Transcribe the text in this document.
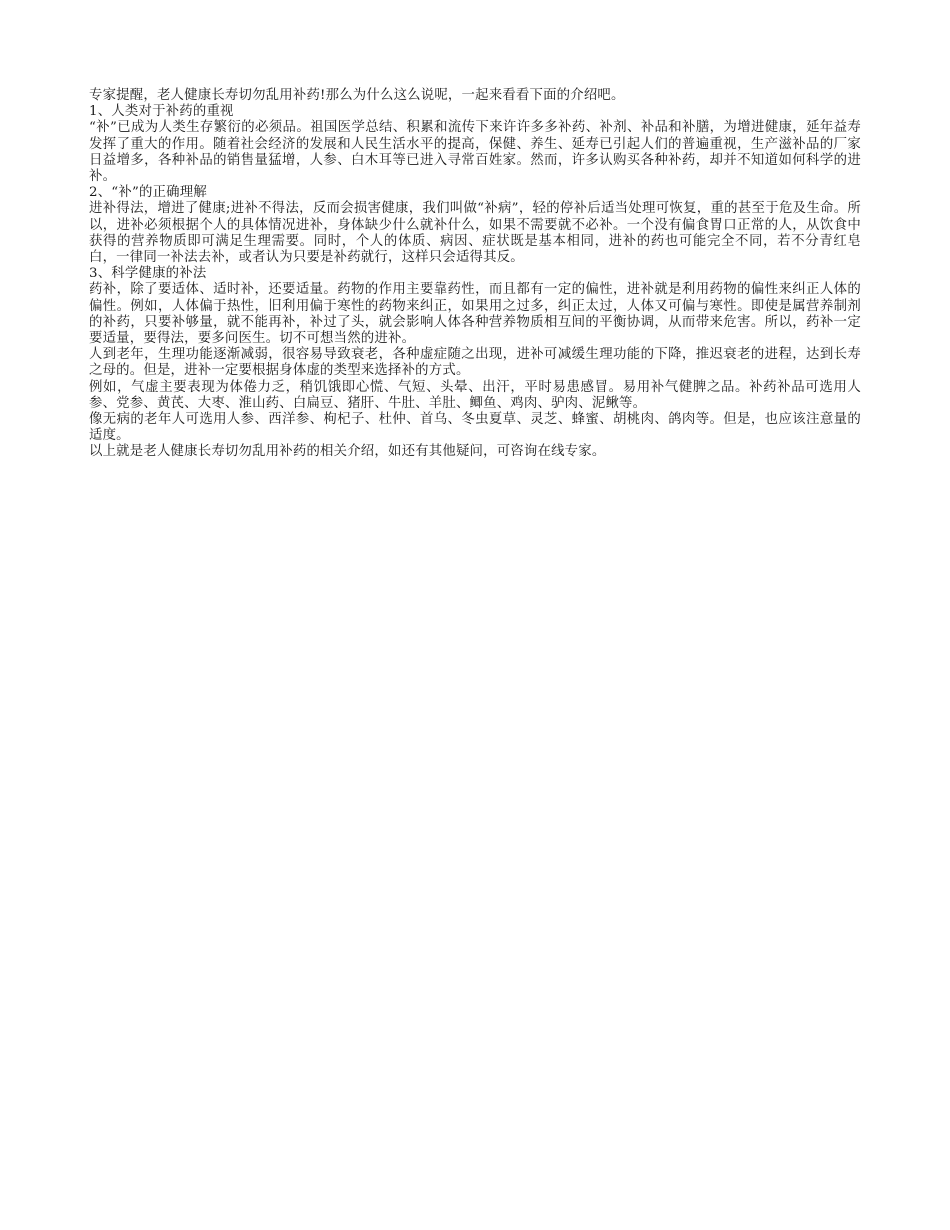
专家提醒，老人健康长寿切勿乱用补药!那么为什么这么说呢，一起来看看下面的介绍吧。

1、人类对于补药的重视

“补”已成为人类生存繁衍的必须品。祖国医学总结、积累和流传下来许许多多补药、补剂、补品和补膳，为增进健康，延年益寿发挥了重大的作用。随着社会经济的发展和人民生活水平的提高，保健、养生、延寿已引起人们的普遍重视，生产滋补品的厂家日益增多，各种补品的销售量猛增，人参、白木耳等已进入寻常百姓家。然而，许多认购买各种补药，却并不知道如何科学的进补。

2、“补”的正确理解

进补得法，增进了健康;进补不得法，反而会损害健康，我们叫做“补病”，轻的停补后适当处理可恢复，重的甚至于危及生命。所以，进补必须根据个人的具体情况进补，身体缺少什么就补什么，如果不需要就不必补。一个没有偏食胃口正常的人，从饮食中获得的营养物质即可满足生理需要。同时，个人的体质、病因、症状既是基本相同，进补的药也可能完全不同，若不分青红皂白，一律同一补法去补，或者认为只要是补药就行，这样只会适得其反。

3、科学健康的补法

药补，除了要适体、适时补，还要适量。药物的作用主要靠药性，而且都有一定的偏性，进补就是利用药物的偏性来纠正人体的偏性。例如，人体偏于热性，旧利用偏于寒性的药物来纠正，如果用之过多，纠正太过，人体又可偏与寒性。即使是属营养制剂的补药，只要补够量，就不能再补，补过了头，就会影响人体各种营养物质相互间的平衡协调，从而带来危害。所以，药补一定要适量，要得法，要多问医生。切不可想当然的进补。

人到老年，生理功能逐渐减弱，很容易导致衰老，各种虚症随之出现，进补可减缓生理功能的下降，推迟衰老的进程，达到长寿之母的。但是，进补一定要根据身体虚的类型来选择补的方式。

例如，气虚主要表现为体倦力乏，稍饥饿即心慌、气短、头晕、出汗，平时易患感冒。易用补气健脾之品。补药补品可选用人参、党参、黄芪、大枣、淮山药、白扁豆、猪肝、牛肚、羊肚、鲫鱼、鸡肉、驴肉、泥鳅等。

像无病的老年人可选用人参、西洋参、枸杞子、杜仲、首乌、冬虫夏草、灵芝、蜂蜜、胡桃肉、鸽肉等。但是，也应该注意量的适度。

以上就是老人健康长寿切勿乱用补药的相关介绍，如还有其他疑问，可咨询在线专家。
